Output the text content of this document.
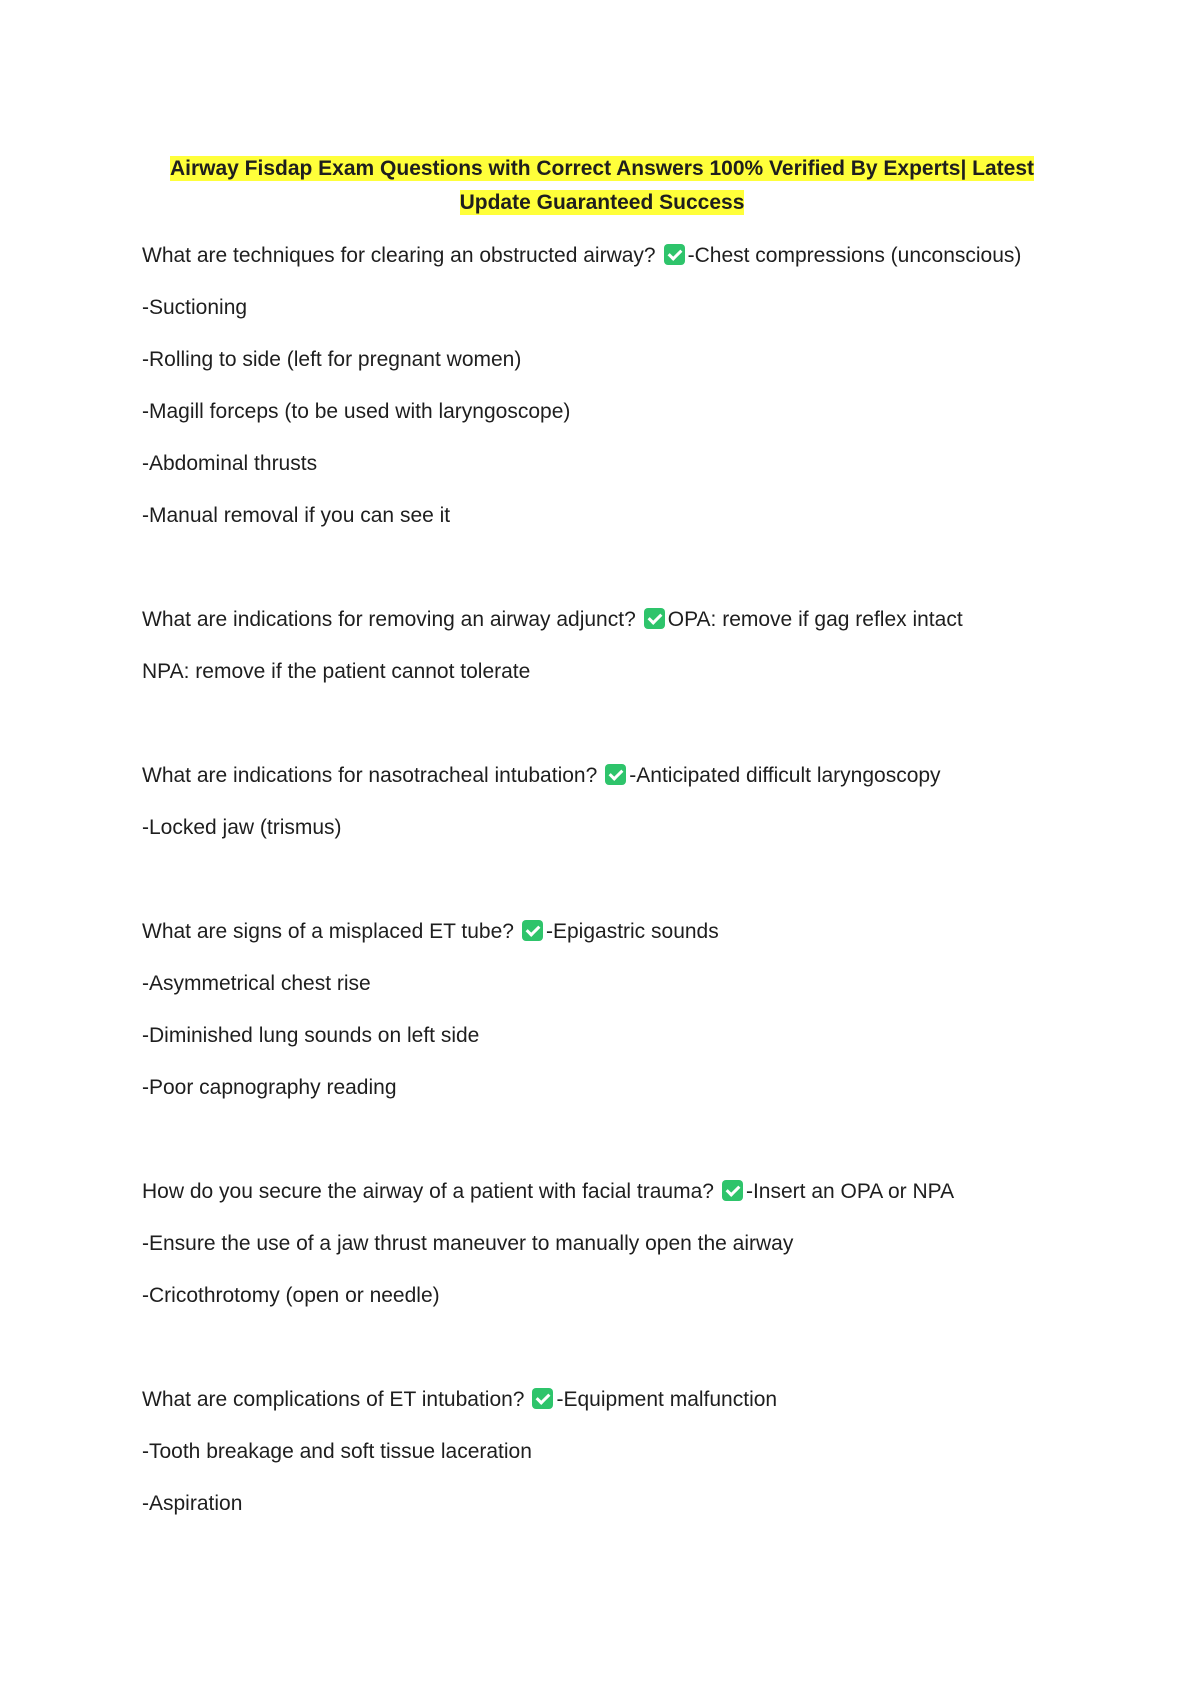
Airway Fisdap Exam Questions with Correct Answers 100% Verified By Experts| Latest Update Guaranteed Success
What are techniques for clearing an obstructed airway? -Chest compressions (unconscious)
-Suctioning
-Rolling to side (left for pregnant women)
-Magill forceps (to be used with laryngoscope)
-Abdominal thrusts
-Manual removal if you can see it
What are indications for removing an airway adjunct? OPA: remove if gag reflex intact
NPA: remove if the patient cannot tolerate
What are indications for nasotracheal intubation? -Anticipated difficult laryngoscopy
-Locked jaw (trismus)
What are signs of a misplaced ET tube? -Epigastric sounds
-Asymmetrical chest rise
-Diminished lung sounds on left side
-Poor capnography reading
How do you secure the airway of a patient with facial trauma? -Insert an OPA or NPA
-Ensure the use of a jaw thrust maneuver to manually open the airway
-Cricothrotomy (open or needle)
What are complications of ET intubation? -Equipment malfunction
-Tooth breakage and soft tissue laceration
-Aspiration
